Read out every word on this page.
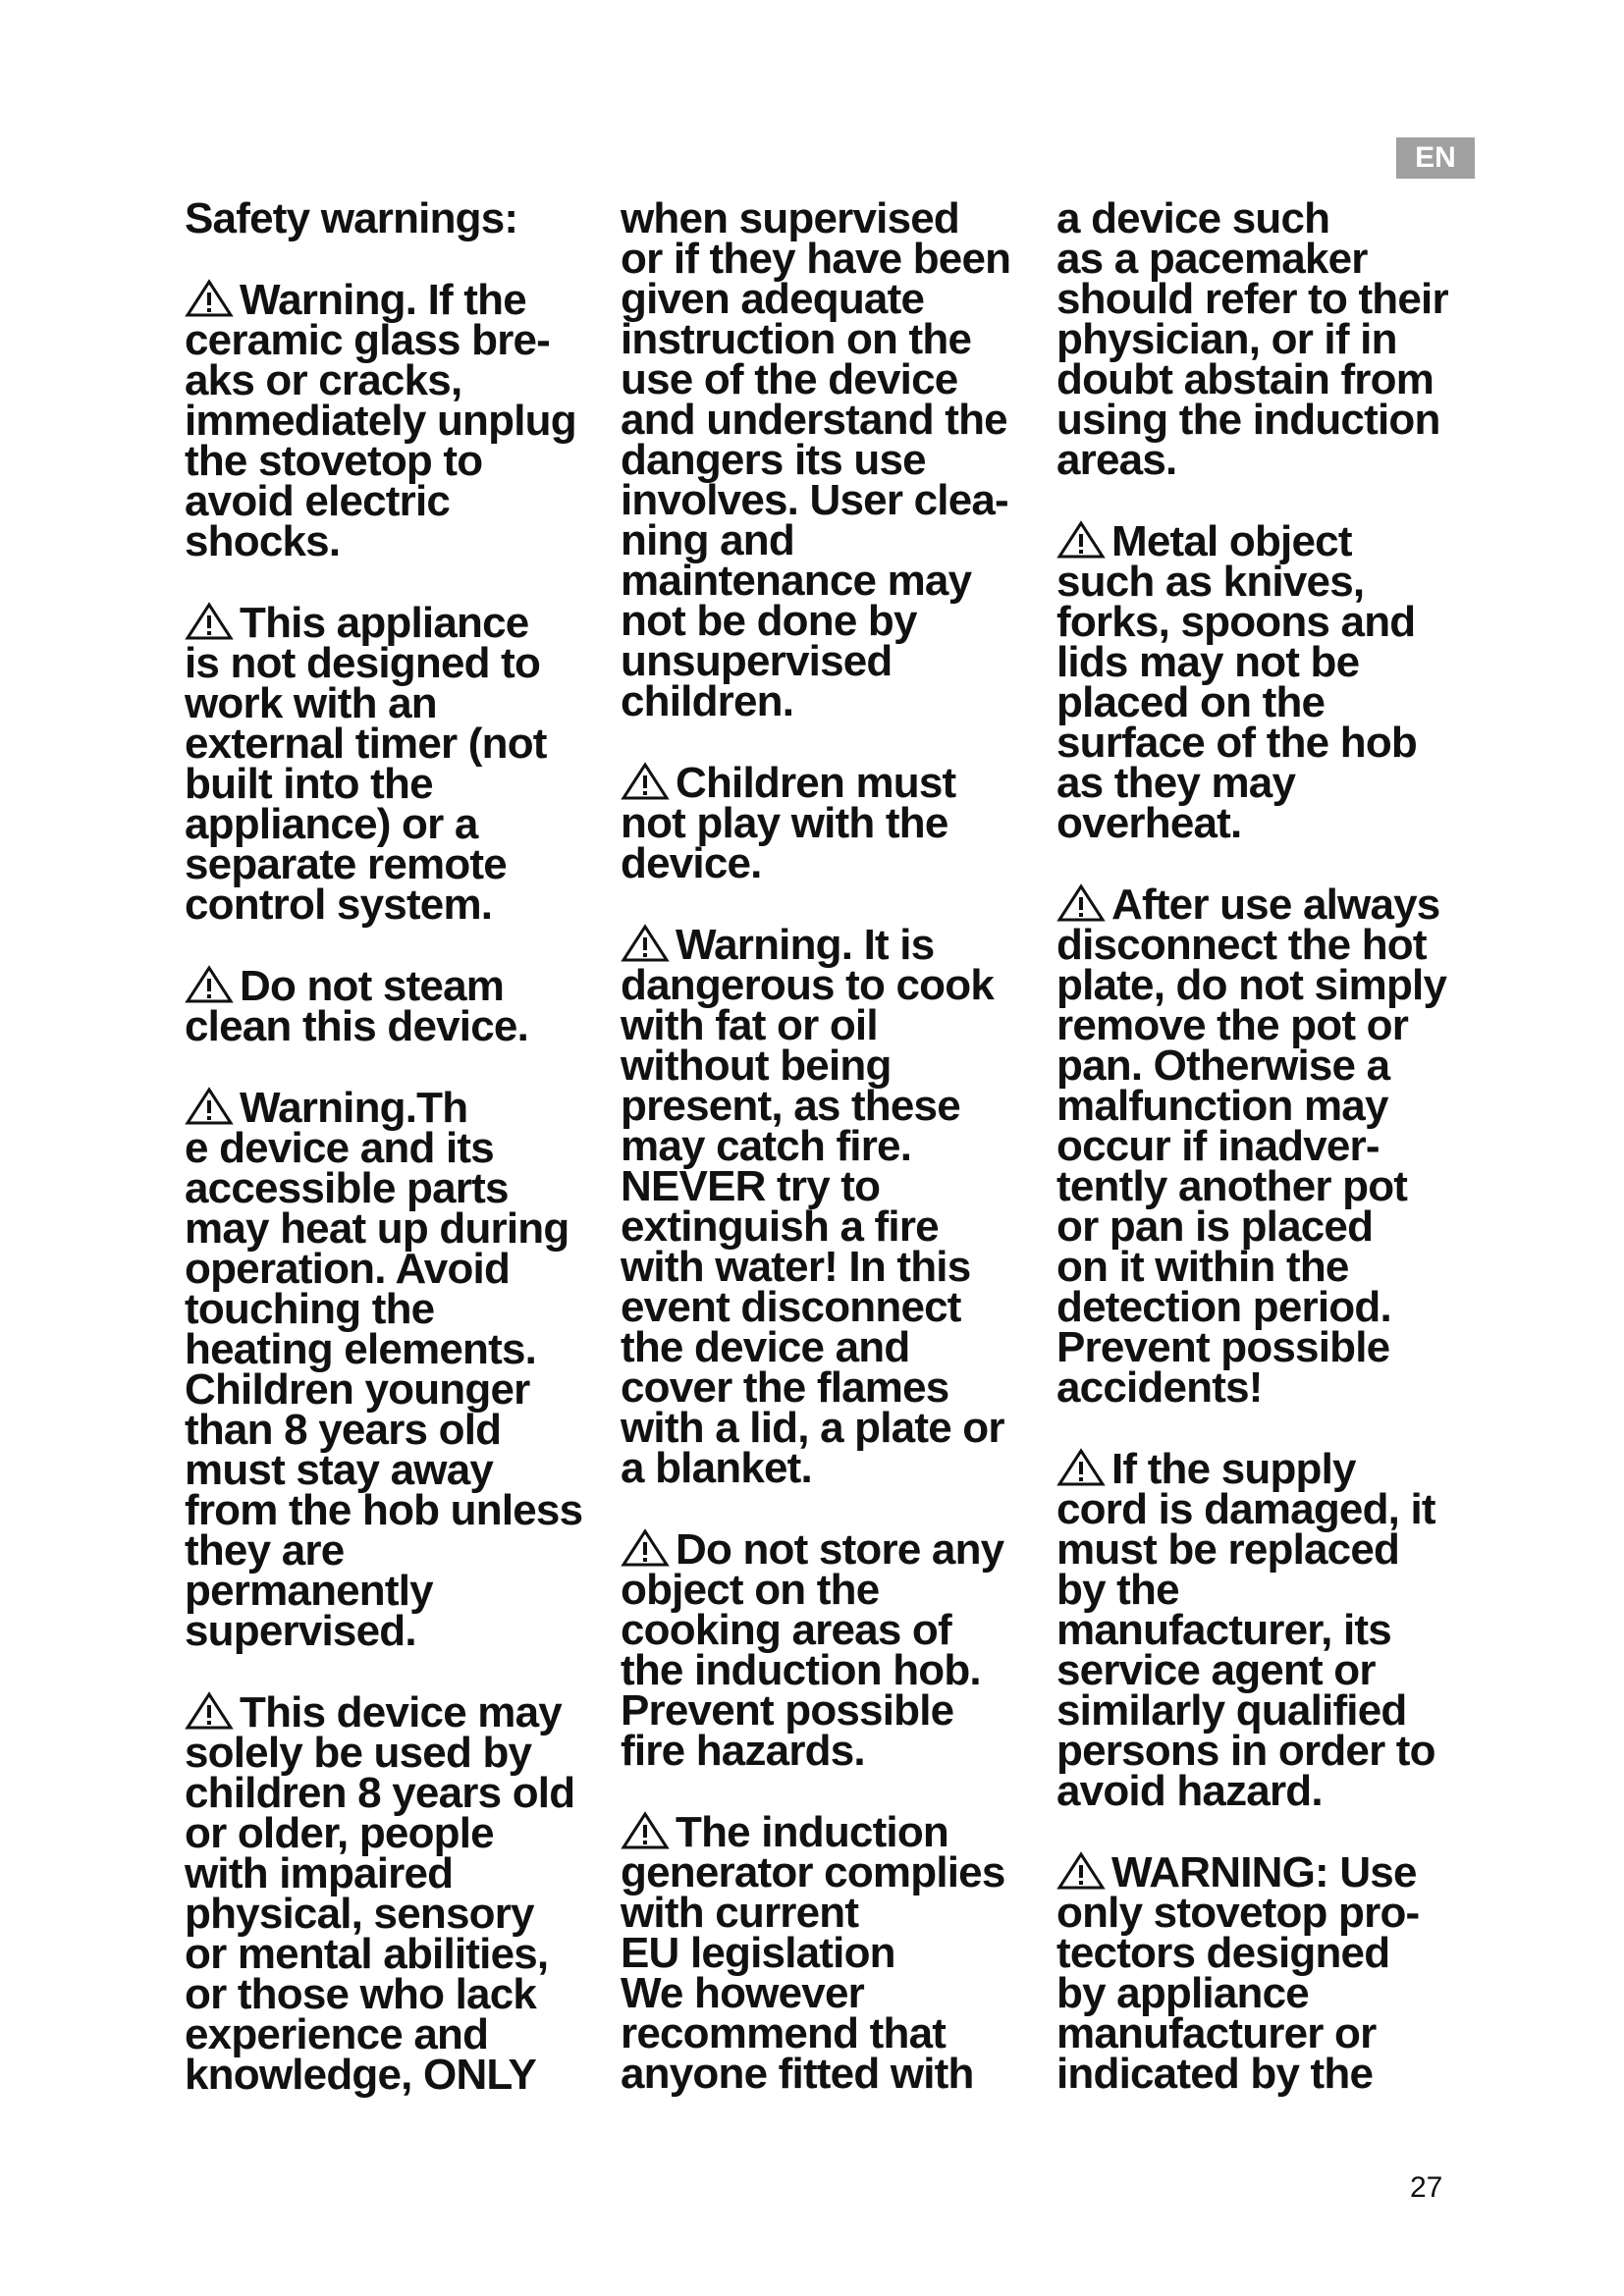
EN
Safety warnings:
Warning. If the
ceramic glass bre-
aks or cracks,
immediately unplug
the stovetop to
avoid electric
shocks.
This appliance
is not designed to
work with an
external timer (not
built into the
appliance) or a
separate remote
control system.
Do not steam
clean this device.
Warning.Th
e device and its
accessible parts
may heat up during
operation. Avoid
touching the
heating elements.
Children younger
than 8 years old
must stay away
from the hob unless
they are
permanently
supervised.
This device may
solely be used by
children 8 years old
or older, people
with impaired
physical, sensory
or mental abilities,
or those who lack
experience and
knowledge, ONLY
when supervised
or if they have been
given adequate
instruction on the
use of the device
and understand the
dangers its use
involves. User clea-
ning and
maintenance may
not be done by
unsupervised
children.
Children must
not play with the
device.
Warning. It is
dangerous to cook
with fat or oil
without being
present, as these
may catch fire.
NEVER try to
extinguish a fire
with water! In this
event disconnect
the device and
cover the flames
with a lid, a plate or
a blanket.
Do not store any
object on the
cooking areas of
the induction hob.
Prevent possible
fire hazards.
The induction
generator complies
with current
EU legislation
We however
recommend that
anyone fitted with
a device such
as a pacemaker
should refer to their
physician, or if in
doubt abstain from
using the induction
areas.
Metal object
such as knives,
forks, spoons and
lids may not be
placed on the
surface of the hob
as they may
overheat.
After use always
disconnect the hot
plate, do not simply
remove the pot or
pan. Otherwise a
malfunction may
occur if inadver-
tently another pot
or pan is placed
on it within the
detection period.
Prevent possible
accidents!
If the supply
cord is damaged, it
must be replaced
by the
manufacturer, its
service agent or
similarly qualified
persons in order to
avoid hazard.
WARNING: Use
only stovetop pro-
tectors designed
by appliance
manufacturer or
indicated by the
27
